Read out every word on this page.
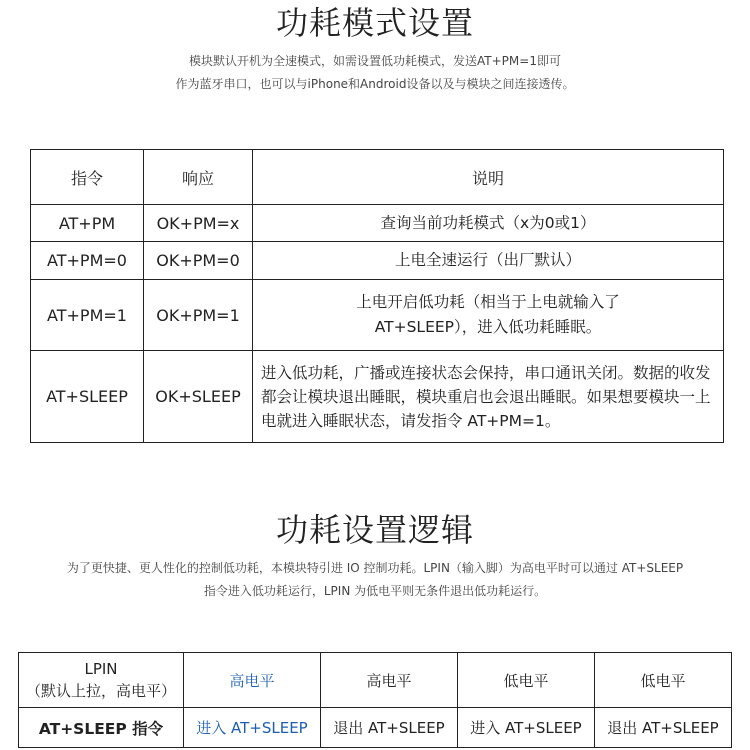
功耗模式设置

模块默认开机为全速模式，如需设置低功耗模式，发送AT+PM=1即可

作为蓝牙串口，也可以与iPhone和Android设备以及与模块之间连接透传。

指令	响应	说明
AT+PM	OK+PM=x	查询当前功耗模式（x为0或1）
AT+PM=0	OK+PM=0	上电全速运行（出厂默认）
AT+PM=1	OK+PM=1	上电开启低功耗（相当于上电就输入了
AT+SLEEP），进入低功耗睡眠。
AT+SLEEP	OK+SLEEP	进入低功耗，广播或连接状态会保持，串口通讯关闭。数据的收发都会让模块退出睡眠，模块重启也会退出睡眠。如果想要模块一上电就进入睡眠状态，请发指令 AT+PM=1。
功耗设置逻辑

为了更快捷、更人性化的控制低功耗，本模块特引进 IO 控制功耗。LPIN（输入脚）为高电平时可以通过 AT+SLEEP

指令进入低功耗运行，LPIN 为低电平则无条件退出低功耗运行。

LPIN
（默认上拉，高电平）	高电平	高电平	低电平	低电平
AT+SLEEP 指令	进入 AT+SLEEP	退出 AT+SLEEP	进入 AT+SLEEP	退出 AT+SLEEP
